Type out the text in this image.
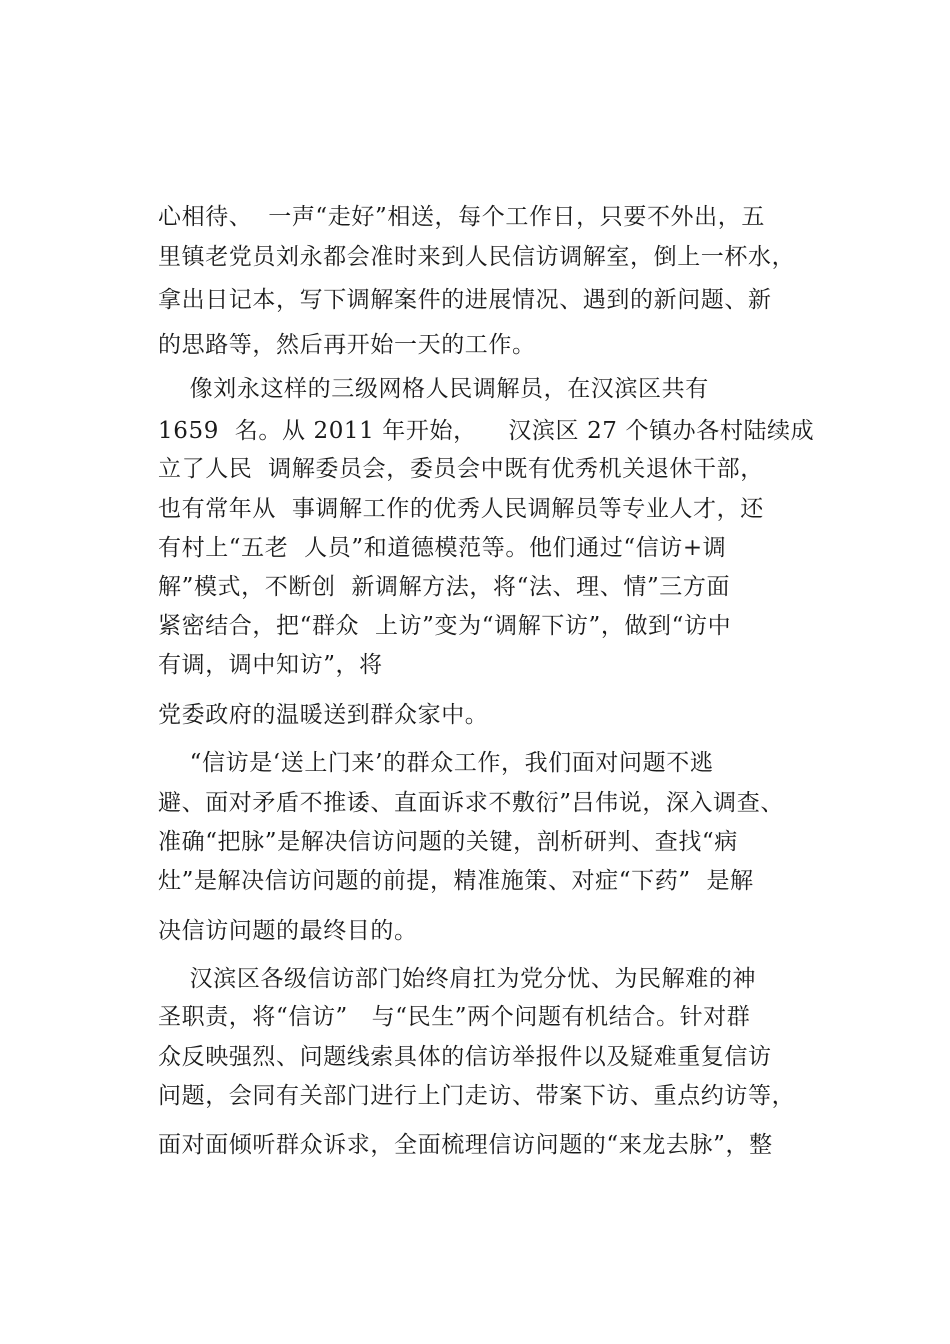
心相待、  一声“走好”相送，每个工作日，只要不外出，五
里镇老党员刘永都会准时来到人民信访调解室，倒上一杯水，
拿出日记本，写下调解案件的进展情况、遇到的新问题、新
的思路等，然后再开始一天的工作。
像刘永这样的三级网格人民调解员，在汉滨区共有
1659  名。从 2011 年开始，    汉滨区 27 个镇办各村陆续成
立了人民  调解委员会，委员会中既有优秀机关退休干部，
也有常年从  事调解工作的优秀人民调解员等专业人才，还
有村上“五老  人员”和道德模范等。他们通过“信访+调
解”模式，不断创  新调解方法，将“法、理、情”三方面
紧密结合，把“群众  上访”变为“调解下访”，做到“访中
有调，调中知访”，将
党委政府的温暖送到群众家中。
“信访是‘送上门来’的群众工作，我们面对问题不逃
避、面对矛盾不推诿、直面诉求不敷衍”吕伟说，深入调查、
准确“把脉”是解决信访问题的关键，剖析研判、查找“病
灶”是解决信访问题的前提，精准施策、对症“下药”  是解
决信访问题的最终目的。
汉滨区各级信访部门始终肩扛为党分忧、为民解难的神
圣职责，将“信访”   与“民生”两个问题有机结合。针对群
众反映强烈、问题线索具体的信访举报件以及疑难重复信访
问题，会同有关部门进行上门走访、带案下访、重点约访等，
面对面倾听群众诉求，全面梳理信访问题的“来龙去脉”，整
